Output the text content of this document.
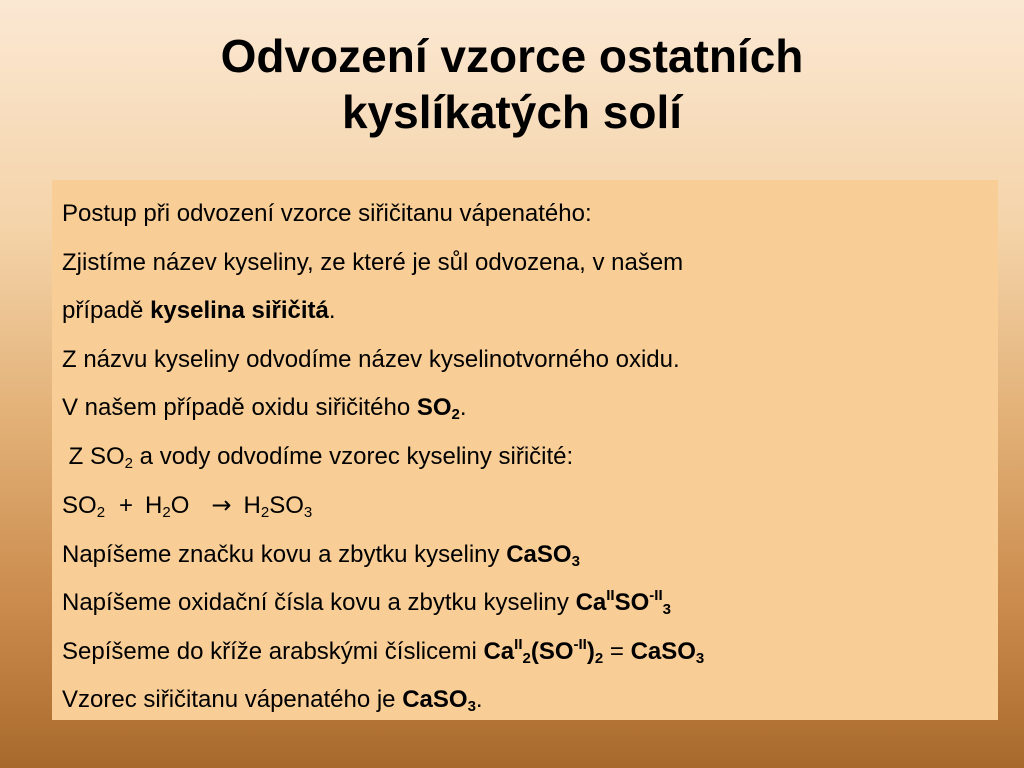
Odvození vzorce ostatních
kyslíkatých solí
Postup při odvození vzorce siřičitanu vápenatého:
Zjistíme název kyseliny, ze které je sůl odvozena, v našem
případě kyselina siřičitá.
Z názvu kyseliny odvodíme název kyselinotvorného oxidu.
V našem případě oxidu siřičitého $SO_2$.
Z $SO_2$ a vody odvodíme vzorec kyseliny siřičité:
$SO_2 + H_2O \to H_2SO_3$
Napíšeme značku kovu a zbytku kyseliny CaSO$_3$
Napíšeme oxidační čísla kovu a zbytku kyseliny $Ca^{II}SO^{-II}_3$
Sepíšeme do kříže arabskými číslicemi $Ca^{II}_2(SO^{-II})_2$ = CaSO$_3$
Vzorec siřičitanu vápenatého je CaSO$_3$.
